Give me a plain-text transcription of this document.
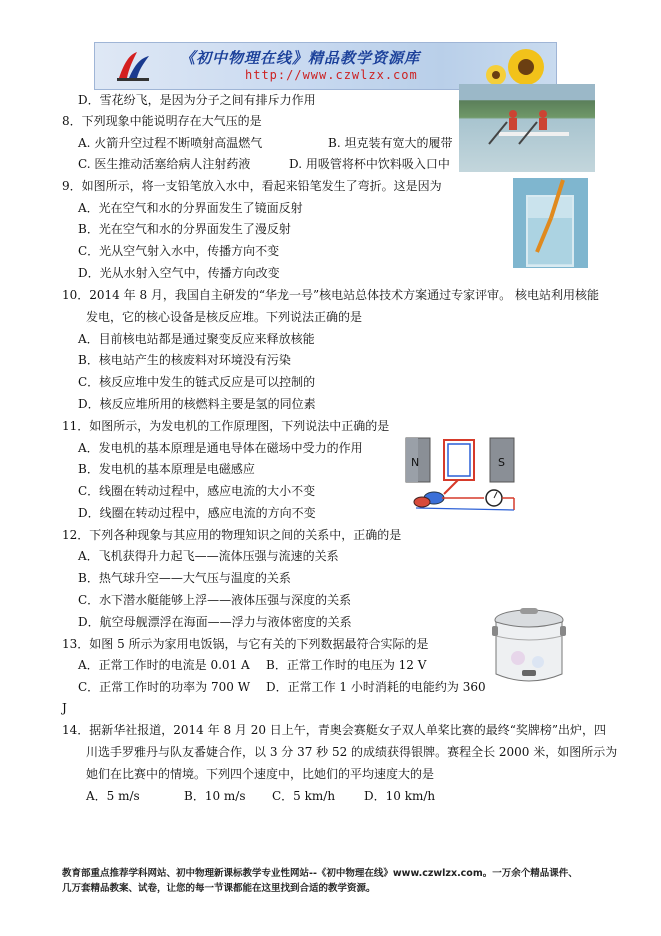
《初中物理在线》精品教学资源库
http://www.czwlzx.com
D．雪花纷飞，是因为分子之间有排斥力作用
8．下列现象中能说明存在大气压的是
A. 火箭升空过程不断喷射高温燃气	B. 坦克装有宽大的履带
C. 医生推动活塞给病人注射药液	D. 用吸管将杯中饮料吸入口中
9．如图所示，将一支铅笔放入水中，看起来铅笔发生了弯折。这是因为
A．光在空气和水的分界面发生了镜面反射
B．光在空气和水的分界面发生了漫反射
C．光从空气射入水中，传播方向不变
D．光从水射入空气中，传播方向改变
10．2014 年 8 月，我国自主研发的“华龙一号”核电站总体技术方案通过专家评审。 核电站利用核能
发电，它的核心设备是核反应堆。下列说法正确的是
A．目前核电站都是通过聚变反应来释放核能
B．核电站产生的核废料对环境没有污染
C．核反应堆中发生的链式反应是可以控制的
D．核反应堆所用的核燃料主要是氢的同位素
11．如图所示，为发电机的工作原理图，下列说法中正确的是
N	S
A．发电机的基本原理是通电导体在磁场中受力的作用
B．发电机的基本原理是电磁感应
C．线圈在转动过程中，感应电流的大小不变
D．线圈在转动过程中，感应电流的方向不变
12．下列各种现象与其应用的物理知识之间的关系中，正确的是
A．飞机获得升力起飞——流体压强与流速的关系
B．热气球升空——大气压与温度的关系
C．水下潜水艇能够上浮——液体压强与深度的关系
D．航空母舰漂浮在海面——浮力与液体密度的关系
13．如图 5 所示为家用电饭锅，与它有关的下列数据最符合实际的是
A．正常工作时的电流是 0.01 A B．正常工作时的电压为 12 V
C．正常工作时的功率为 700 W D．正常工作 1 小时消耗的电能约为 360
J
14．据新华社报道，2014 年 8 月 20 日上午，青奥会赛艇女子双人单桨比赛的最终“奖牌榜”出炉，四
川选手罗雅丹与队友番婕合作，以 3 分 37 秒 52 的成绩获得银牌。赛程全长 2000 米，如图所示为
她们在比赛中的情境。下列四个速度中，比她们的平均速度大的是
A．5 m/s	B．10 m/s C．5 km/h D．10 km/h
教育部重点推荐学科网站、初中物理新课标教学专业性网站--《初中物理在线》www.czwlzx.com。一万余个精品课件、
几万套精品教案、试卷，让您的每一节课都能在这里找到合适的教学资源。
